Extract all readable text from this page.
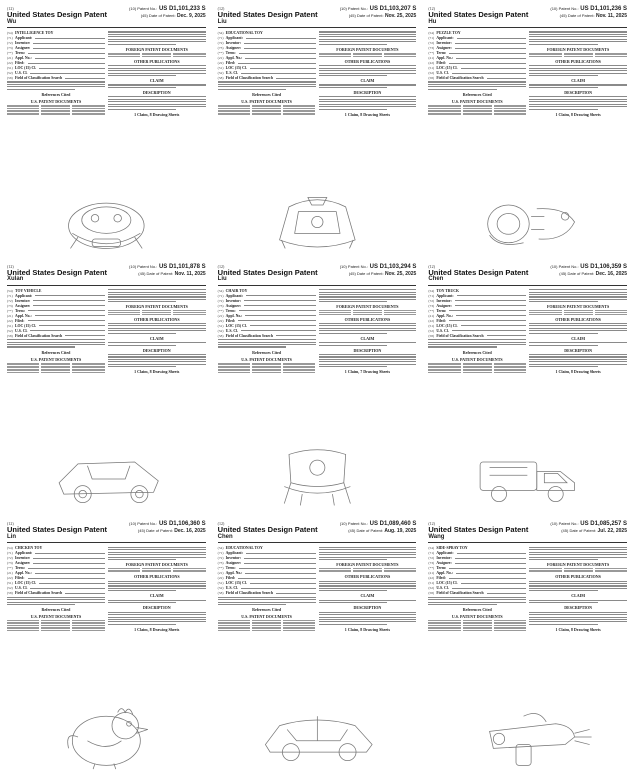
(12)
United States Design Patent
Wu
(10) Patent No.: US D1,101,233 S
(45) Date of Patent: Dec. 9, 2025
(54) INTELLIGENCE TOY
(71) Applicant:
(72) Inventor:
(73) Assignee:
(**) Term:
(21) Appl. No.:
(22) Filed:
(51) LOC (15) Cl.
(52) U.S. Cl.
(58) Field of Classification Search
References Cited
U.S. PATENT DOCUMENTS
FOREIGN PATENT DOCUMENTS
OTHER PUBLICATIONS
CLAIM
DESCRIPTION
1 Claim, 8 Drawing Sheets
(12)
United States Design Patent
Liu
(10) Patent No.: US D1,103,207 S
(45) Date of Patent: Nov. 25, 2025
(54) EDUCATIONAL TOY
(71) Applicant:
(72) Inventor:
(73) Assignee:
(**) Term:
(21) Appl. No.:
(22) Filed:
(51) LOC (15) Cl.
(52) U.S. Cl.
(58) Field of Classification Search
References Cited
U.S. PATENT DOCUMENTS
FOREIGN PATENT DOCUMENTS
OTHER PUBLICATIONS
CLAIM
DESCRIPTION
1 Claim, 8 Drawing Sheets
(12)
United States Design Patent
Hu
(10) Patent No.: US D1,101,236 S
(45) Date of Patent: Nov. 11, 2025
(54) PUZZLE TOY
(71) Applicant:
(72) Inventor:
(73) Assignee:
(**) Term:
(21) Appl. No.:
(22) Filed:
(51) LOC (15) Cl.
(52) U.S. Cl.
(58) Field of Classification Search
References Cited
U.S. PATENT DOCUMENTS
FOREIGN PATENT DOCUMENTS
OTHER PUBLICATIONS
CLAIM
DESCRIPTION
1 Claim, 8 Drawing Sheets
(12)
United States Design Patent
Xulan
(10) Patent No.: US D1,101,878 S
(45) Date of Patent: Nov. 11, 2025
(54) TOY VEHICLE
(71) Applicant:
(72) Inventor:
(73) Assignee:
(**) Term:
(21) Appl. No.:
(22) Filed:
(51) LOC (15) Cl.
(52) U.S. Cl.
(58) Field of Classification Search
References Cited
U.S. PATENT DOCUMENTS
FOREIGN PATENT DOCUMENTS
OTHER PUBLICATIONS
CLAIM
DESCRIPTION
1 Claim, 8 Drawing Sheets
(12)
United States Design Patent
Liu
(10) Patent No.: US D1,103,294 S
(45) Date of Patent: Nov. 25, 2025
(54) CHAIR TOY
(71) Applicant:
(72) Inventor:
(73) Assignee:
(**) Term:
(21) Appl. No.:
(22) Filed:
(51) LOC (15) Cl.
(52) U.S. Cl.
(58) Field of Classification Search
References Cited
U.S. PATENT DOCUMENTS
FOREIGN PATENT DOCUMENTS
OTHER PUBLICATIONS
CLAIM
DESCRIPTION
1 Claim, 7 Drawing Sheets
(12)
United States Design Patent
Chen
(10) Patent No.: US D1,106,359 S
(45) Date of Patent: Dec. 16, 2025
(54) TOY TRUCK
(71) Applicant:
(72) Inventor:
(73) Assignee:
(**) Term:
(21) Appl. No.:
(22) Filed:
(51) LOC (15) Cl.
(52) U.S. Cl.
(58) Field of Classification Search
References Cited
U.S. PATENT DOCUMENTS
FOREIGN PATENT DOCUMENTS
OTHER PUBLICATIONS
CLAIM
DESCRIPTION
1 Claim, 8 Drawing Sheets
(12)
United States Design Patent
Lin
(10) Patent No.: US D1,106,360 S
(45) Date of Patent: Dec. 16, 2025
(54) CHICKEN TOY
(71) Applicant:
(72) Inventor:
(73) Assignee:
(**) Term:
(21) Appl. No.:
(22) Filed:
(51) LOC (15) Cl.
(52) U.S. Cl.
(58) Field of Classification Search
References Cited
U.S. PATENT DOCUMENTS
FOREIGN PATENT DOCUMENTS
OTHER PUBLICATIONS
CLAIM
DESCRIPTION
1 Claim, 8 Drawing Sheets
(12)
United States Design Patent
Chen
(10) Patent No.: US D1,089,460 S
(45) Date of Patent: Aug. 19, 2025
(54) EDUCATIONAL TOY
(71) Applicant:
(72) Inventor:
(73) Assignee:
(**) Term:
(21) Appl. No.:
(22) Filed:
(51) LOC (15) Cl.
(52) U.S. Cl.
(58) Field of Classification Search
References Cited
U.S. PATENT DOCUMENTS
FOREIGN PATENT DOCUMENTS
OTHER PUBLICATIONS
CLAIM
DESCRIPTION
1 Claim, 8 Drawing Sheets
(12)
United States Design Patent
Wang
(10) Patent No.: US D1,085,257 S
(45) Date of Patent: Jul. 22, 2025
(54) SIDE-SPRAY TOY
(71) Applicant:
(72) Inventor:
(73) Assignee:
(**) Term:
(21) Appl. No.:
(22) Filed:
(51) LOC (15) Cl.
(52) U.S. Cl.
(58) Field of Classification Search
References Cited
U.S. PATENT DOCUMENTS
FOREIGN PATENT DOCUMENTS
OTHER PUBLICATIONS
CLAIM
DESCRIPTION
1 Claim, 8 Drawing Sheets
